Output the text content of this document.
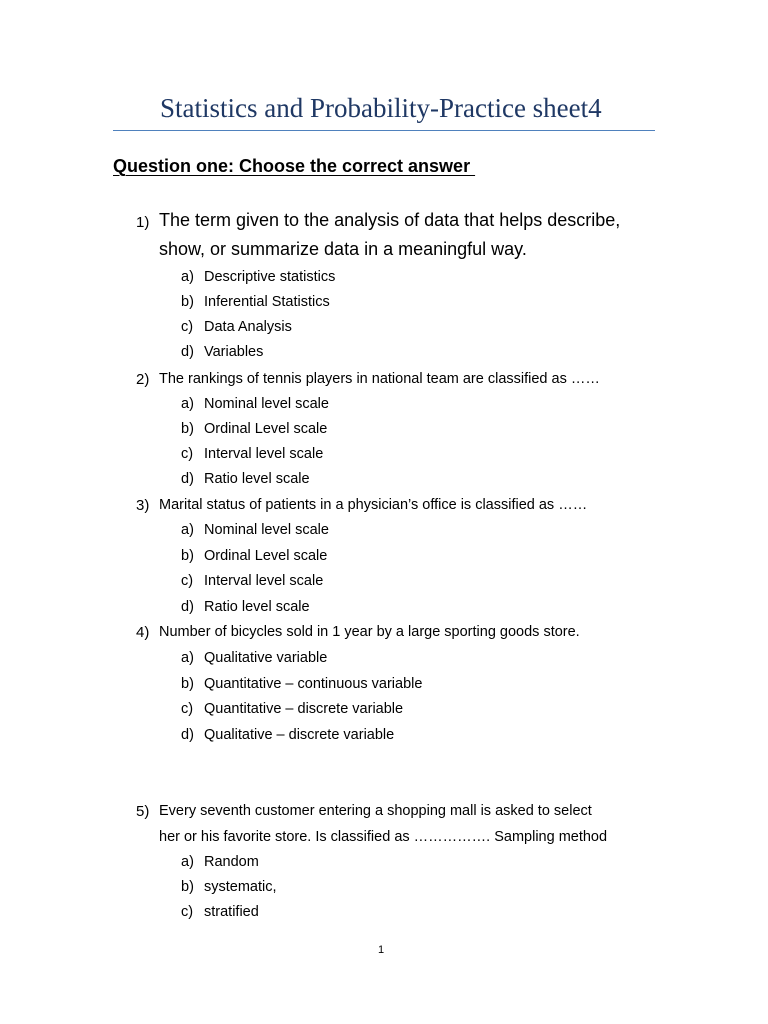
Statistics and Probability-Practice sheet4
Question one: Choose the correct answer
1) The term given to the analysis of data that helps describe,
show, or summarize data in a meaningful way.
a) Descriptive statistics
b) Inferential Statistics
c) Data Analysis
d) Variables
2) The rankings of tennis players in national team are classified as ……
a) Nominal level scale
b) Ordinal Level scale
c) Interval level scale
d) Ratio level scale
3) Marital status of patients in a physician’s office is classified as ……
a) Nominal level scale
b) Ordinal Level scale
c) Interval level scale
d) Ratio level scale
4) Number of bicycles sold in 1 year by a large sporting goods store.
a) Qualitative variable
b) Quantitative – continuous variable
c) Quantitative – discrete variable
d) Qualitative – discrete variable
5) Every seventh customer entering a shopping mall is asked to select
her or his favorite store. Is classified as ……………. Sampling method
a) Random
b) systematic,
c) stratified
1
